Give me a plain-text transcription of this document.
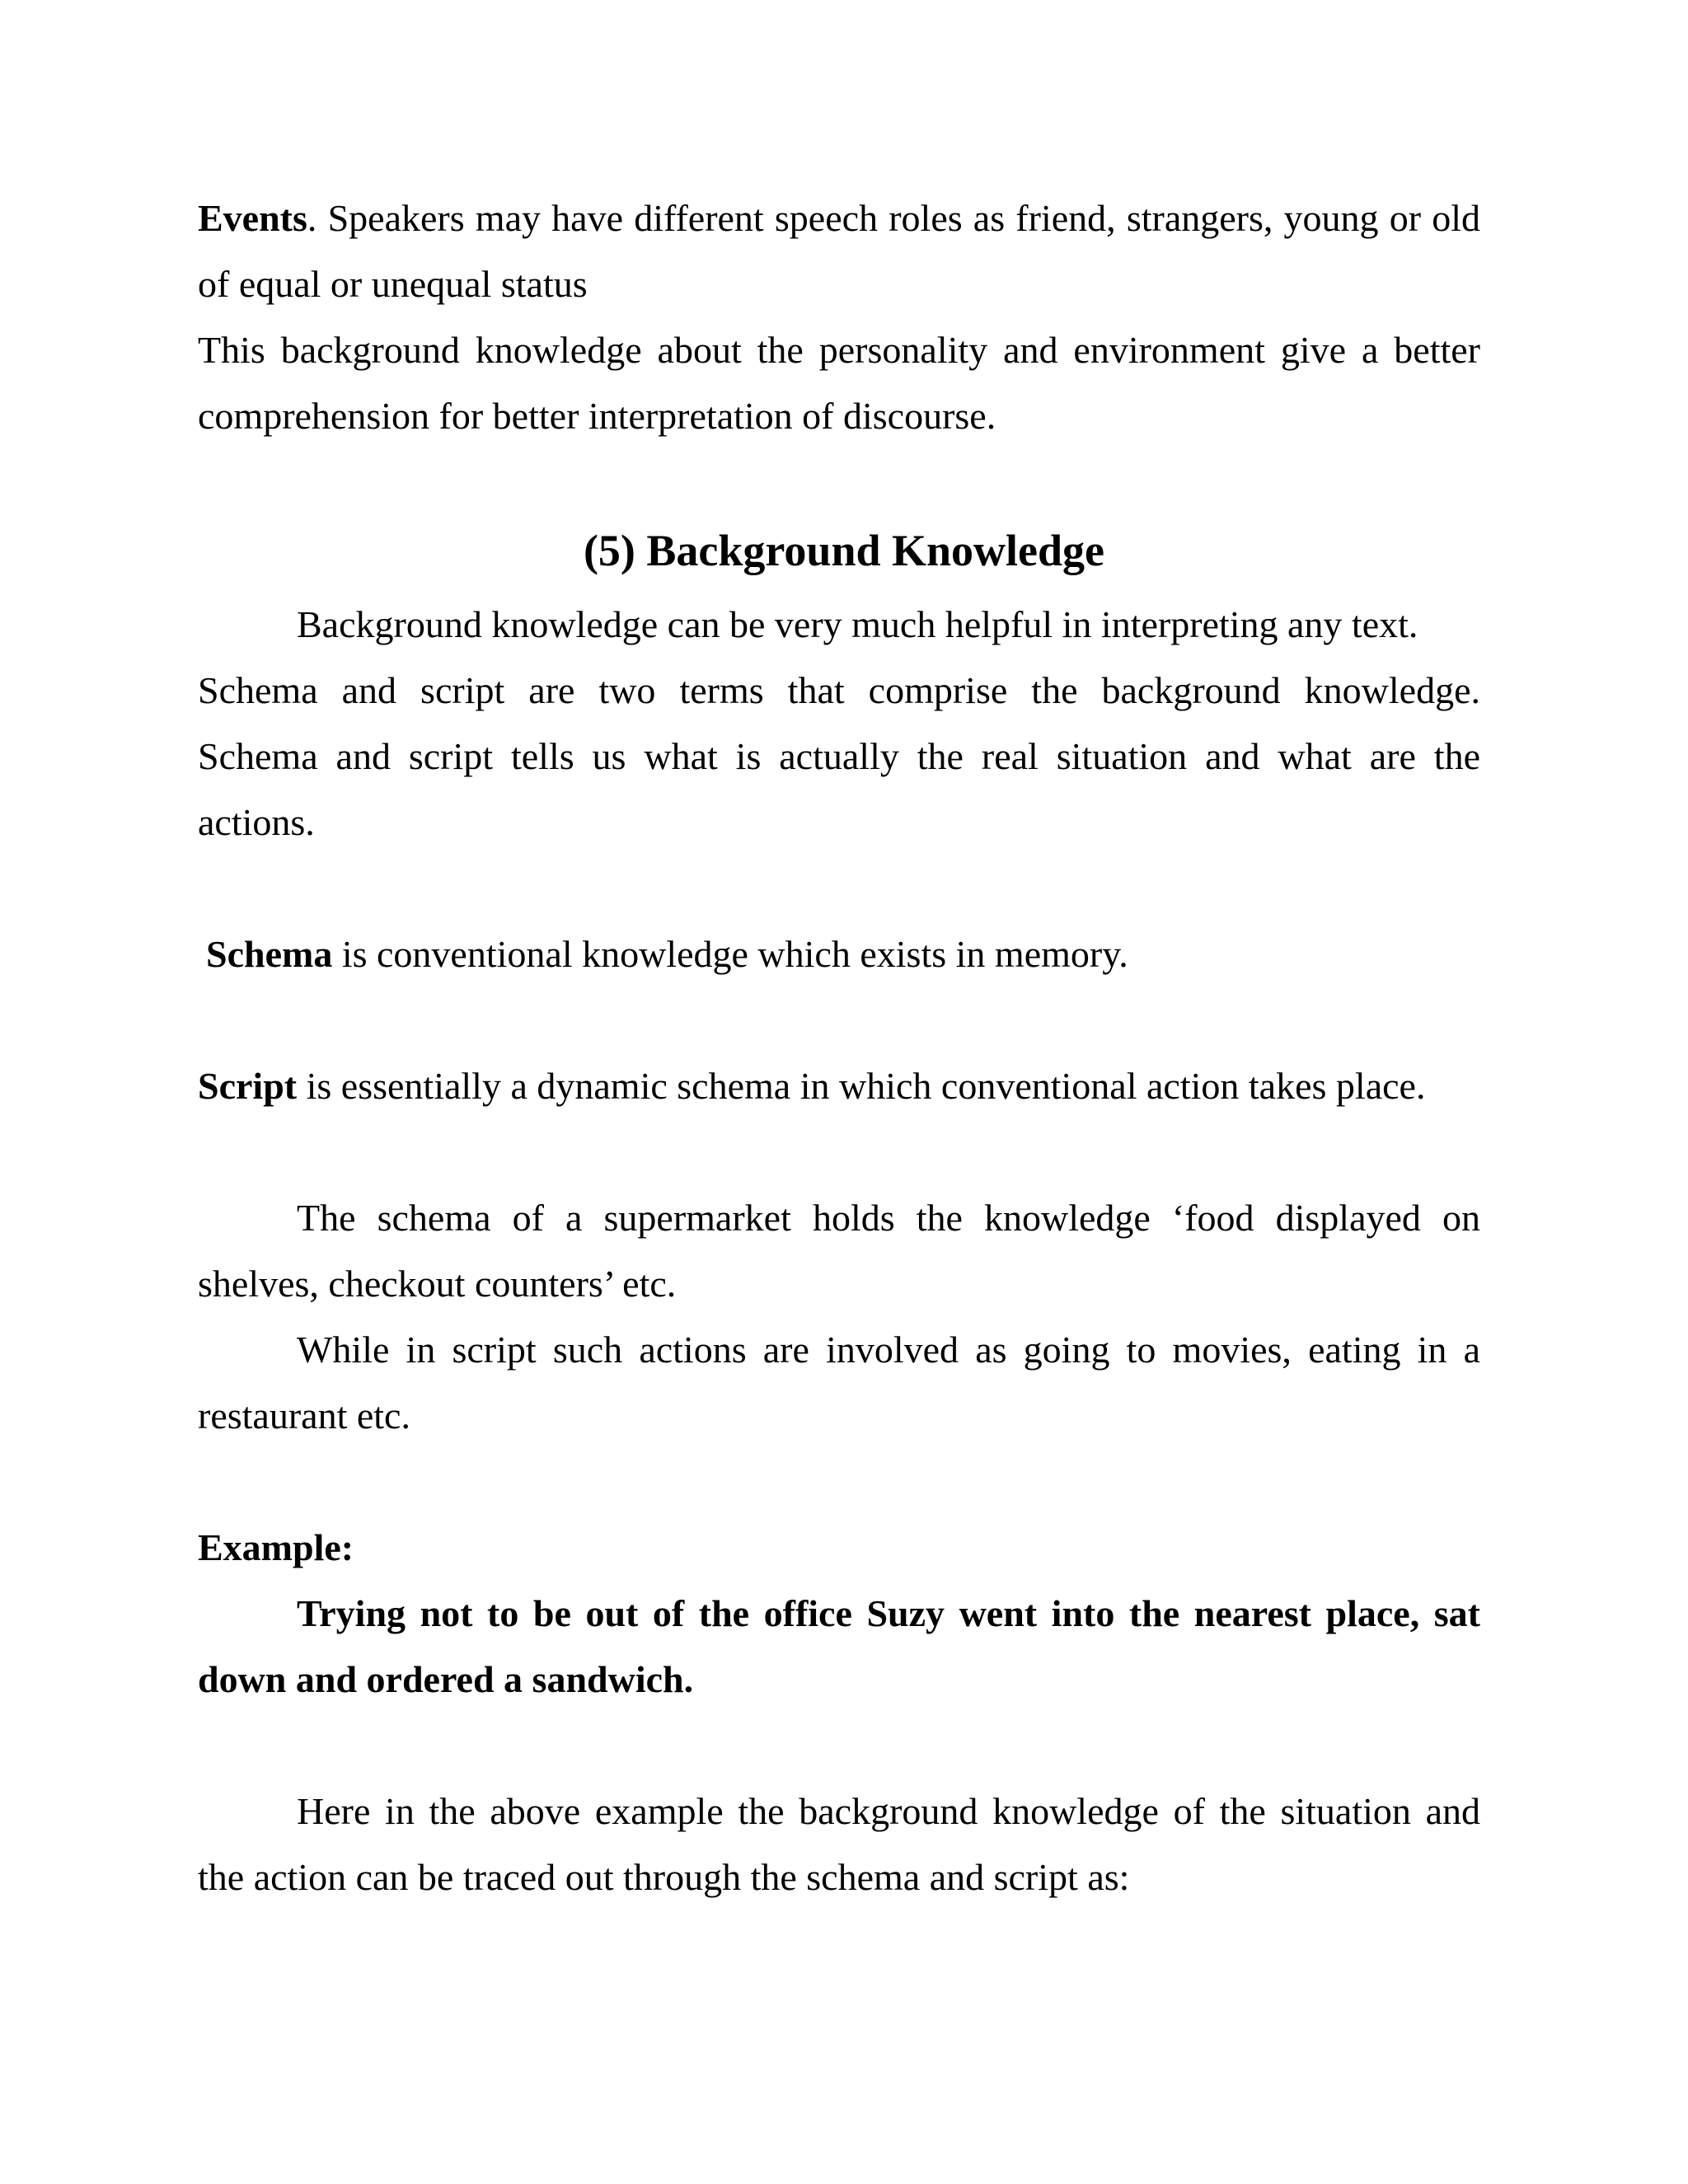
Events. Speakers may have different speech roles as friend, strangers, young or old
of equal or unequal status
This background knowledge about the personality and environment give a better
comprehension for better interpretation of discourse.
(5) Background Knowledge
Background knowledge can be very much helpful in interpreting any text.
Schema and script are two terms that comprise the background knowledge.
Schema and script tells us what is actually the real situation and what are the
actions.
Schema is conventional knowledge which exists in memory.
Script is essentially a dynamic schema in which conventional action takes place.
The schema of a supermarket holds the knowledge ‘food displayed on
shelves, checkout counters’ etc.
While in script such actions are involved as going to movies, eating in a
restaurant etc.
Example:
Trying not to be out of the office Suzy went into the nearest place, sat
down and ordered a sandwich.
Here in the above example the background knowledge of the situation and
the action can be traced out through the schema and script as:
